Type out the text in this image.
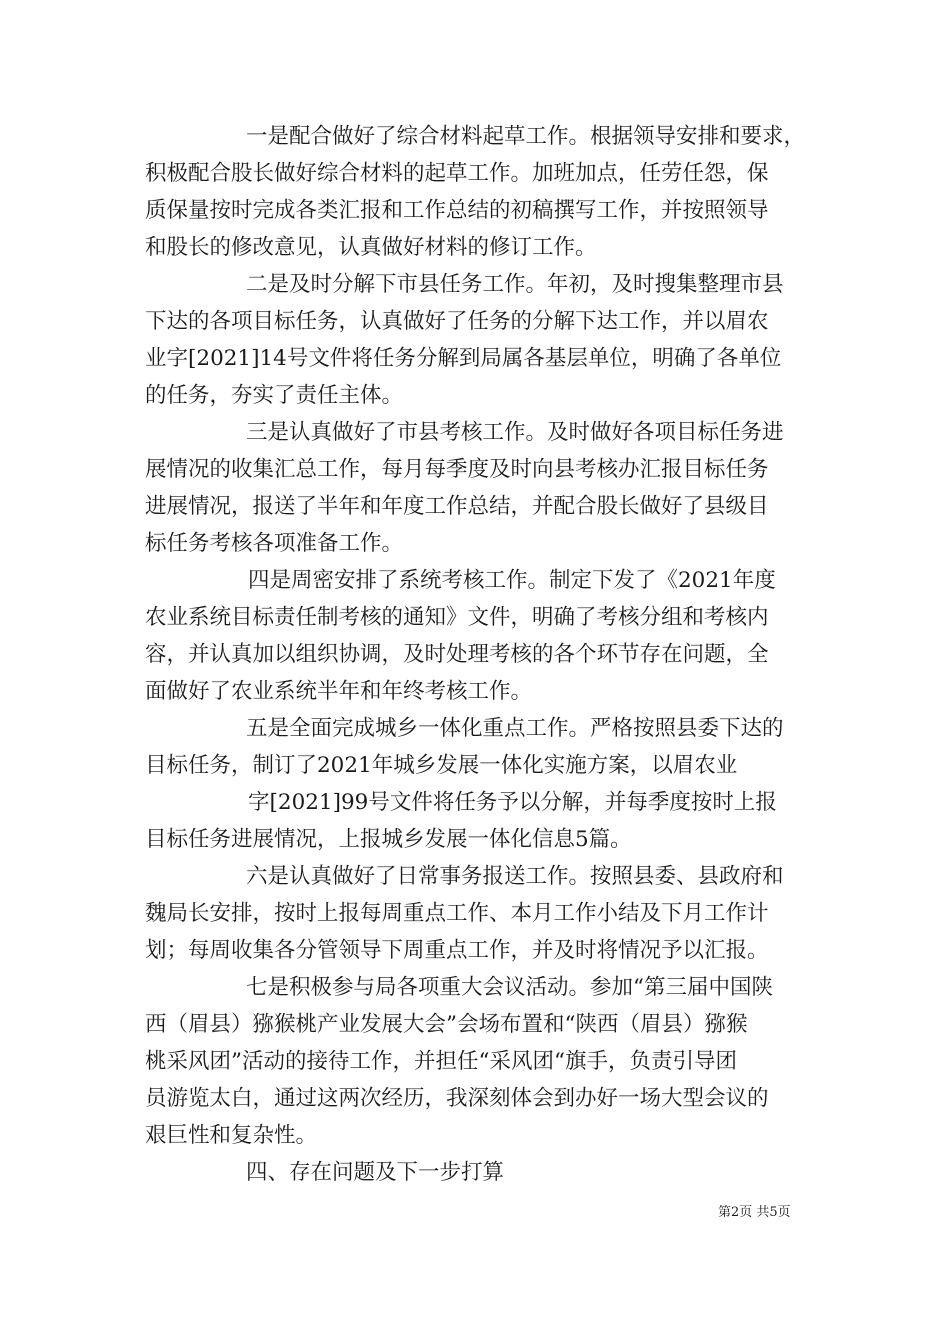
一是配合做好了综合材料起草工作。根据领导安排和要求，
积极配合股长做好综合材料的起草工作。加班加点，任劳任怨，保
质保量按时完成各类汇报和工作总结的初稿撰写工作，并按照领导
和股长的修改意见，认真做好材料的修订工作。
二是及时分解下市县任务工作。年初，及时搜集整理市县
下达的各项目标任务，认真做好了任务的分解下达工作，并以眉农
业字[2021]14号文件将任务分解到局属各基层单位，明确了各单位
的任务，夯实了责任主体。
三是认真做好了市县考核工作。及时做好各项目标任务进
展情况的收集汇总工作，每月每季度及时向县考核办汇报目标任务
进展情况，报送了半年和年度工作总结，并配合股长做好了县级目
标任务考核各项准备工作。
四是周密安排了系统考核工作。制定下发了《2021年度
农业系统目标责任制考核的通知》文件，明确了考核分组和考核内
容，并认真加以组织协调，及时处理考核的各个环节存在问题，全
面做好了农业系统半年和年终考核工作。
五是全面完成城乡一体化重点工作。严格按照县委下达的
目标任务，制订了2021年城乡发展一体化实施方案，以眉农业
字[2021]99号文件将任务予以分解，并每季度按时上报
目标任务进展情况，上报城乡发展一体化信息5篇。
六是认真做好了日常事务报送工作。按照县委、县政府和
魏局长安排，按时上报每周重点工作、本月工作小结及下月工作计
划；每周收集各分管领导下周重点工作，并及时将情况予以汇报。
七是积极参与局各项重大会议活动。参加“第三届中国陕
西（眉县）猕猴桃产业发展大会”会场布置和“陕西（眉县）猕猴
桃采风团”活动的接待工作，并担任“采风团“旗手，负责引导团
员游览太白，通过这两次经历，我深刻体会到办好一场大型会议的
艰巨性和复杂性。
四、存在问题及下一步打算
第2页 共5页
